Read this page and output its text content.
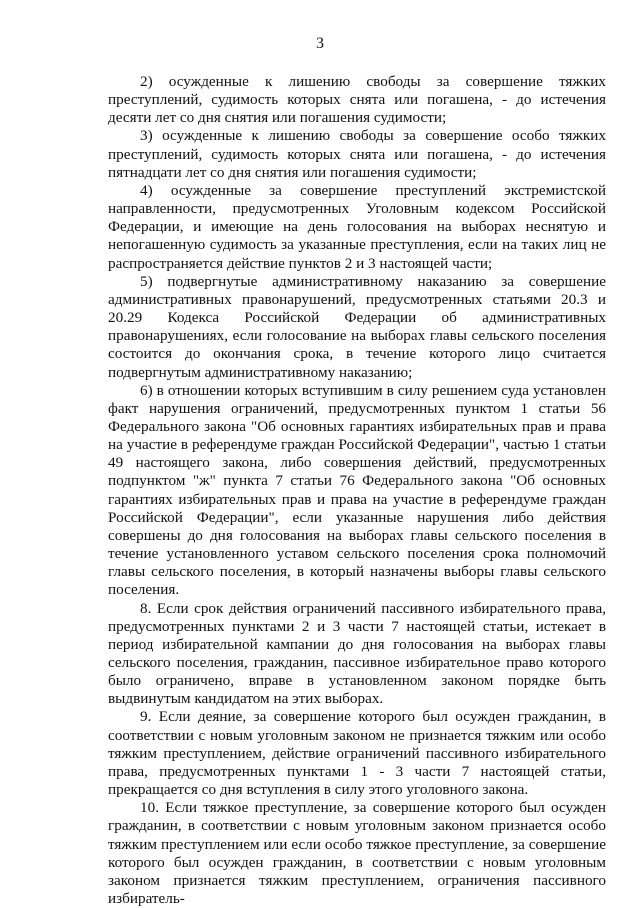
3

2) осужденные к лишению свободы за совершение тяжких преступлений, судимость которых снята или погашена, - до истечения десяти лет со дня снятия или погашения судимости;

3) осужденные к лишению свободы за совершение особо тяжких преступлений, судимость которых снята или погашена, - до истечения пятнадцати лет со дня снятия или погашения судимости;

4) осужденные за совершение преступлений экстремистской направленности, предусмотренных Уголовным кодексом Российской Федерации, и имеющие на день голосования на выборах неснятую и непогашенную судимость за указанные преступления, если на таких лиц не распространяется действие пунктов 2 и 3 настоящей части;

5) подвергнутые административному наказанию за совершение административных правонарушений, предусмотренных статьями 20.3 и 20.29 Кодекса Российской Федерации об административных правонарушениях, если голосование на выборах главы сельского поселения состоится до окончания срока, в течение которого лицо считается подвергнутым административному наказанию;

6) в отношении которых вступившим в силу решением суда установлен факт нарушения ограничений, предусмотренных пунктом 1 статьи 56 Федерального закона "Об основных гарантиях избирательных прав и права на участие в референдуме граждан Российской Федерации", частью 1 статьи 49 настоящего закона, либо совершения действий, предусмотренных подпунктом "ж" пункта 7 статьи 76 Федерального закона "Об основных гарантиях избирательных прав и права на участие в референдуме граждан Российской Федерации", если указанные нарушения либо действия совершены до дня голосования на выборах главы сельского поселения в течение установленного уставом сельского поселения срока полномочий главы сельского поселения, в который назначены выборы главы сельского поселения.

8. Если срок действия ограничений пассивного избирательного права, предусмотренных пунктами 2 и 3 части 7 настоящей статьи, истекает в период избирательной кампании до дня голосования на выборах главы сельского поселения, гражданин, пассивное избирательное право которого было ограничено, вправе в установленном законом порядке быть выдвинутым кандидатом на этих выборах.

9. Если деяние, за совершение которого был осужден гражданин, в соответствии с новым уголовным законом не признается тяжким или особо тяжким преступлением, действие ограничений пассивного избирательного права, предусмотренных пунктами 1 - 3 части 7 настоящей статьи, прекращается со дня вступления в силу этого уголовного закона.

10. Если тяжкое преступление, за совершение которого был осужден гражданин, в соответствии с новым уголовным законом признается особо тяжким преступлением или если особо тяжкое преступление, за совершение которого был осужден гражданин, в соответствии с новым уголовным законом признается тяжким преступлением, ограничения пассивного избиратель-
